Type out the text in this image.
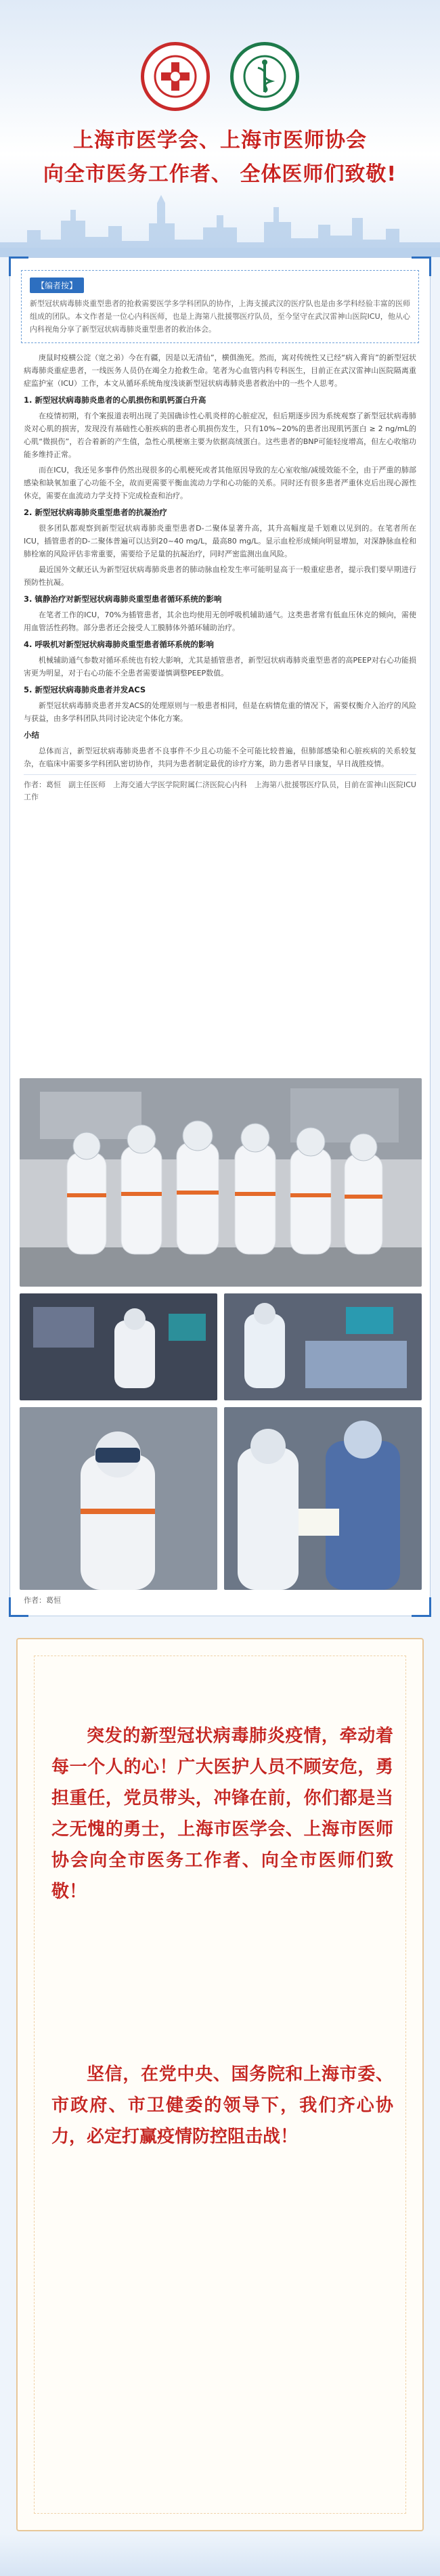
上海市医学会、上海市医师协会
向全市医务工作者、 全体医师们致敬!
【编者按】
新型冠状病毒肺炎重型患者的抢救需要医学多学科团队的协作，上海支援武汉的医疗队也是由多学科经验丰富的医师组成的团队。本文作者是一位心内科医师，也是上海第八批援鄂医疗队员，至今坚守在武汉雷神山医院ICU，他从心内科视角分享了新型冠状病毒肺炎重型患者的救治体会。

庚鼠时疫横公淀（宽之弟）今在有疆，因是以无清仙”，横俱渔死。然而，寓对传统性又已经“病入膏肓”的新型冠状病毒肺炎重症患者，一线医务人员仍在竭全力抢救生命。笔者为心血管内科专科医生，目前正在武汉雷神山医院隔离重症监护室（ICU）工作，本文从循环系统角度浅谈新型冠状病毒肺炎患者救治中的一些个人思考。

1. 新型冠状病毒肺炎患者的心肌损伤和肌钙蛋白升高

在疫情初期，有个案报道表明出现了美国确诊性心肌炎样的心脏症况，但后期逐步因为系统观察了新型冠状病毒肺炎对心肌的损害，发现没有基础性心脏疾病的患者心肌损伤发生，只有10%~20%的患者出现肌钙蛋白 ≥ 2 ng/mL的心肌“微损伤”，若合着新的产生值，急性心肌梗塞主要为依据高绒蛋白。这些患者的BNP可能轻度增高，但左心收缩功能多维持正常。

而在ICU，我还见多事件仍然出现很多的心肌梗死或者其他原因导致的左心室收缩/减缓效能不全，由于严重的肺部感染和缺氧加重了心功能不全，故而更需要平衡血流动力学和心功能的关系。同时还有很多患者严重休克后出现心源性休克，需要在血流动力学支持下完成检查和治疗。

2. 新型冠状病毒肺炎重型患者的抗凝治疗

很多团队都观察到新型冠状病毒肺炎重型患者D-二聚体显著升高，其升高幅度是千划难以见到的。在笔者所在ICU，插管患者的D-二聚体普遍可以达到20~40 mg/L，最高80 mg/L。显示血栓形成倾向明显增加，对深静脉血栓和肺栓塞的风险评估非常重要，需要给予足量的抗凝治疗，同时严密监测出血风险。

最近国外文献还认为新型冠状病毒肺炎患者的肺动脉血栓发生率可能明显高于一般重症患者，提示我们要早期进行预防性抗凝。

3. 镇静治疗对新型冠状病毒肺炎重型患者循环系统的影响

在笔者工作的ICU，70%为插管患者，其余也均使用无创呼吸机辅助通气。这类患者常有低血压休克的倾向，需使用血管活性药物。部分患者还会接受人工膜肺体外循环辅助治疗。

4. 呼吸机对新型冠状病毒肺炎重型患者循环系统的影响

机械辅助通气参数对循环系统也有较大影响，尤其是插管患者，新型冠状病毒肺炎重型患者的高PEEP对右心功能损害更为明显，对于右心功能不全患者需要谨慎调整PEEP数值。

5. 新型冠状病毒肺炎患者并发ACS

新型冠状病毒肺炎患者并发ACS的处理原则与一般患者相同，但是在病情危重的情况下，需要权衡介入治疗的风险与获益，由多学科团队共同讨论决定个体化方案。

小结

总体而言，新型冠状病毒肺炎患者不良事件不少且心功能不全可能比较普遍，但肺部感染和心脏疾病的关系较复杂，在临床中需要多学科团队密切协作，共同为患者制定最优的诊疗方案，助力患者早日康复，早日战胜疫情。

作者：葛恒　副主任医师　上海交通大学医学院附属仁济医院心内科　上海第八批援鄂医疗队员，目前在雷神山医院ICU工作
作者：葛恒

突发的新型冠状病毒肺炎疫情，牵动着每一个人的心！广大医护人员不顾安危，勇担重任，党员带头，冲锋在前，你们都是当之无愧的勇士，上海市医学会、上海市医师协会向全市医务工作者、向全市医师们致敬！

坚信，在党中央、国务院和上海市委、市政府、市卫健委的领导下，我们齐心协力，必定打赢疫情防控阻击战！
